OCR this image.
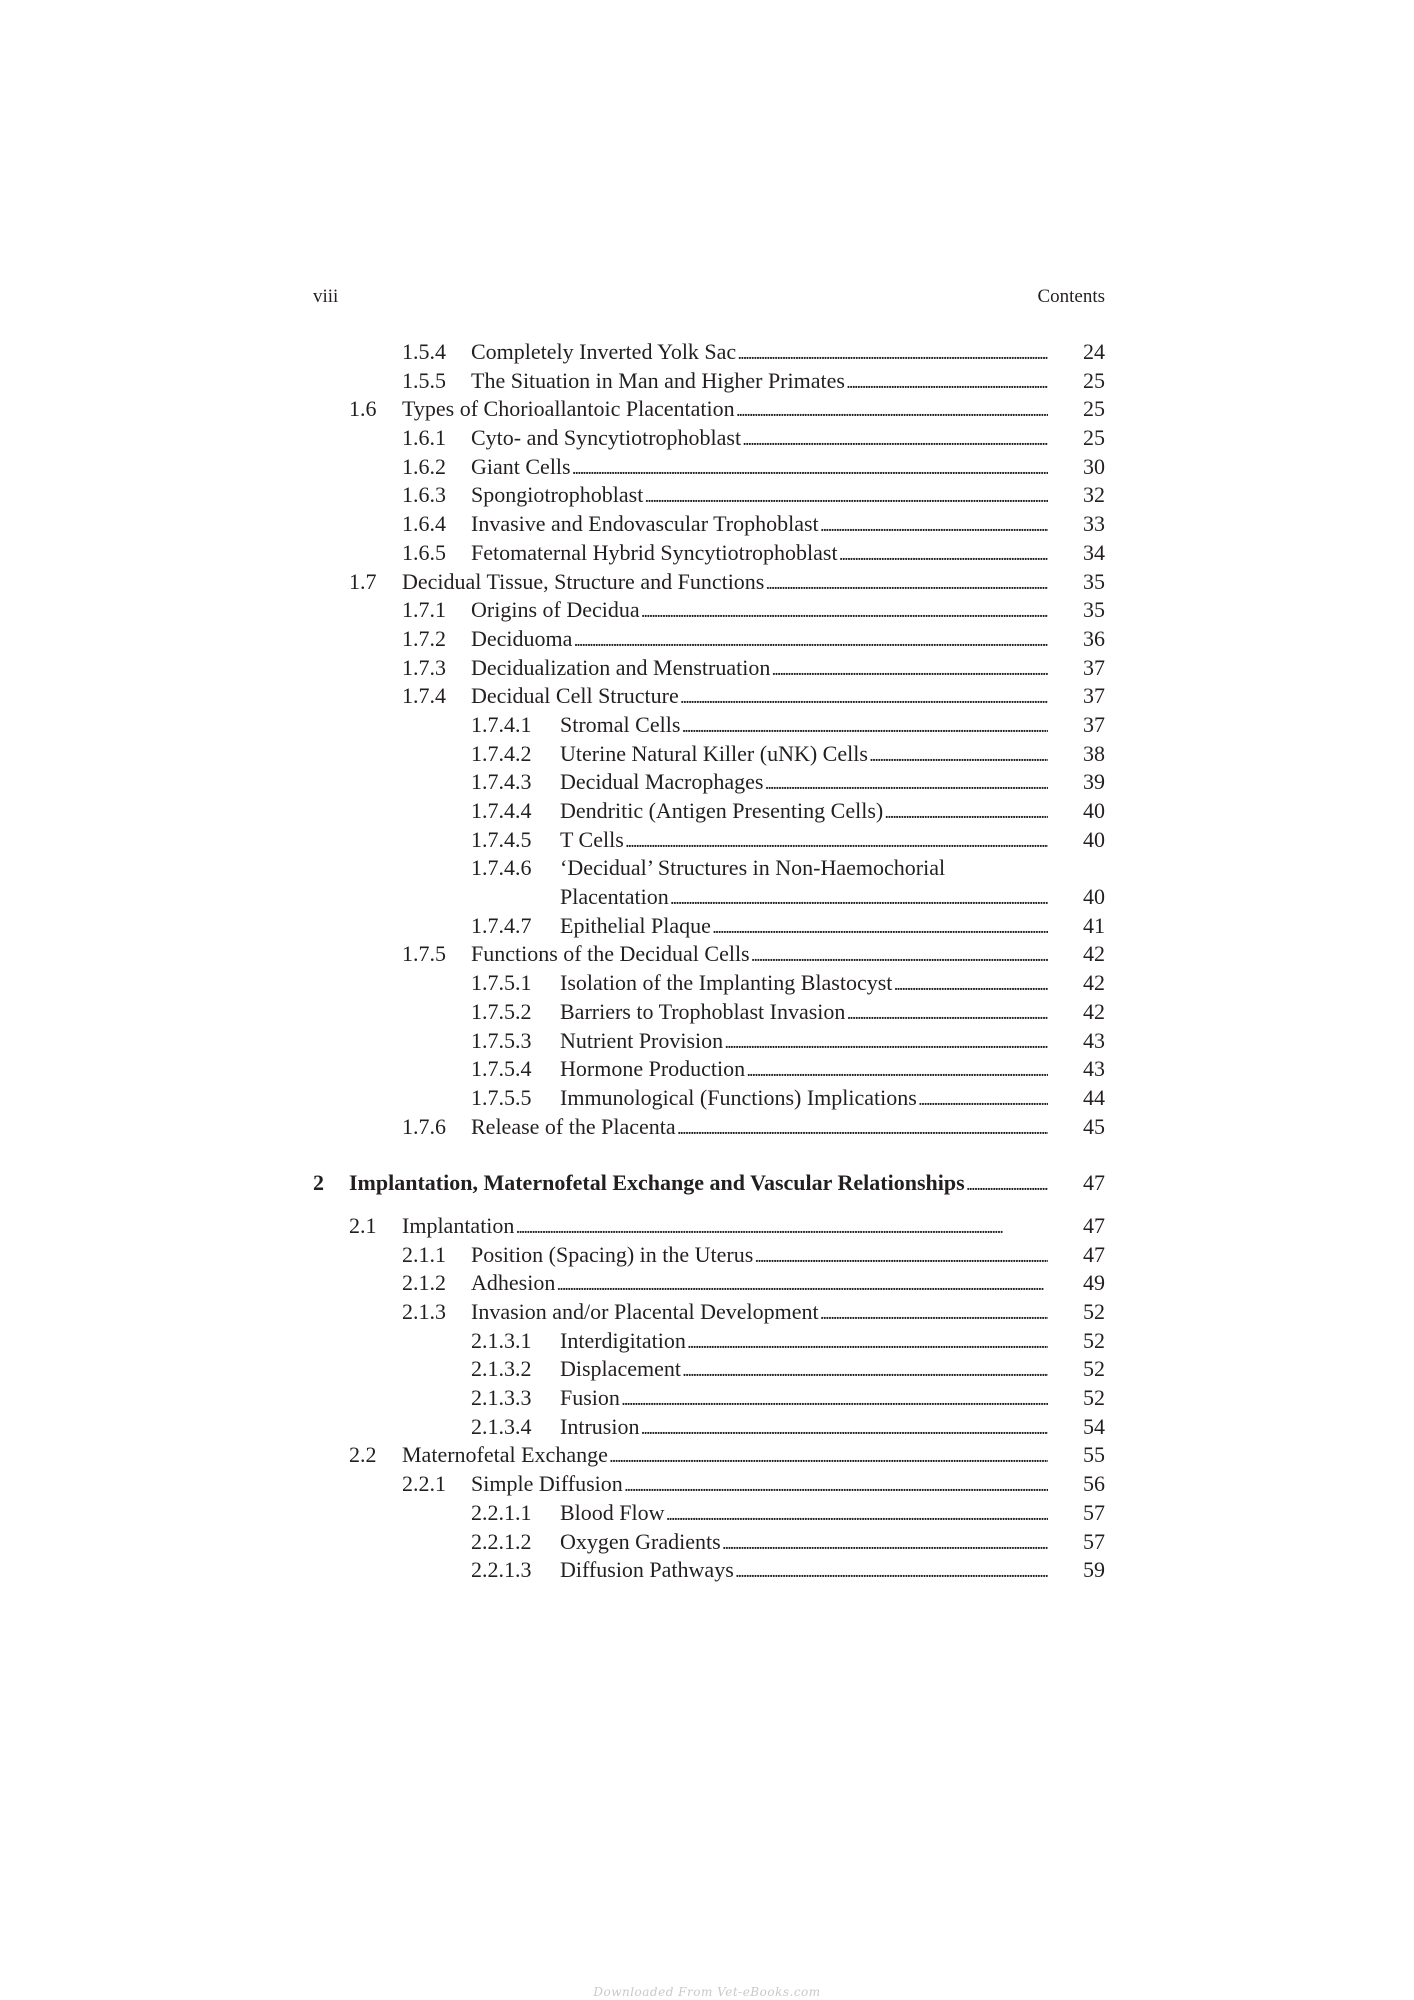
viii	Contents
1.5.4 Completely Inverted Yolk Sac . . .	24
1.5.5 The Situation in Man and Higher Primates . . .	25
1.6 Types of Chorioallantoic Placentation . . .	25
1.6.1 Cyto- and Syncytiotrophoblast . . .	25
1.6.2 Giant Cells . . .	30
1.6.3 Spongiotrophoblast . . .	32
1.6.4 Invasive and Endovascular Trophoblast . . .	33
1.6.5 Fetomaternal Hybrid Syncytiotrophoblast . . .	34
1.7 Decidual Tissue, Structure and Functions . . .	35
1.7.1 Origins of Decidua . . .	35
1.7.2 Deciduoma . . .	36
1.7.3 Decidualization and Menstruation . . .	37
1.7.4 Decidual Cell Structure . . .	37
1.7.4.1 Stromal Cells . . .	37
1.7.4.2 Uterine Natural Killer (uNK) Cells . . .	38
1.7.4.3 Decidual Macrophages . . .	39
1.7.4.4 Dendritic (Antigen Presenting Cells) . . .	40
1.7.4.5 T Cells . . .	40
1.7.4.6 ‘Decidual’ Structures in Non-Haemochorial
Placentation . . .	40
1.7.4.7 Epithelial Plaque . . .	41
1.7.5 Functions of the Decidual Cells . . .	42
1.7.5.1 Isolation of the Implanting Blastocyst . . .	42
1.7.5.2 Barriers to Trophoblast Invasion . . .	42
1.7.5.3 Nutrient Provision . . .	43
1.7.5.4 Hormone Production . . .	43
1.7.5.5 Immunological (Functions) Implications . . .	44
1.7.6 Release of the Placenta . . .	45
2 Implantation, Maternofetal Exchange and Vascular Relationships . . .	47
2.1 Implantation . . .	47
2.1.1 Position (Spacing) in the Uterus . . .	47
2.1.2 Adhesion . . .	49
2.1.3 Invasion and/or Placental Development . . .	52
2.1.3.1 Interdigitation . . .	52
2.1.3.2 Displacement . . .	52
2.1.3.3 Fusion . . .	52
2.1.3.4 Intrusion . . .	54
2.2 Maternofetal Exchange . . .	55
2.2.1 Simple Diffusion . . .	56
2.2.1.1 Blood Flow . . .	57
2.2.1.2 Oxygen Gradients . . .	57
2.2.1.3 Diffusion Pathways . . .	59
Downloaded From Vet-eBooks.com
